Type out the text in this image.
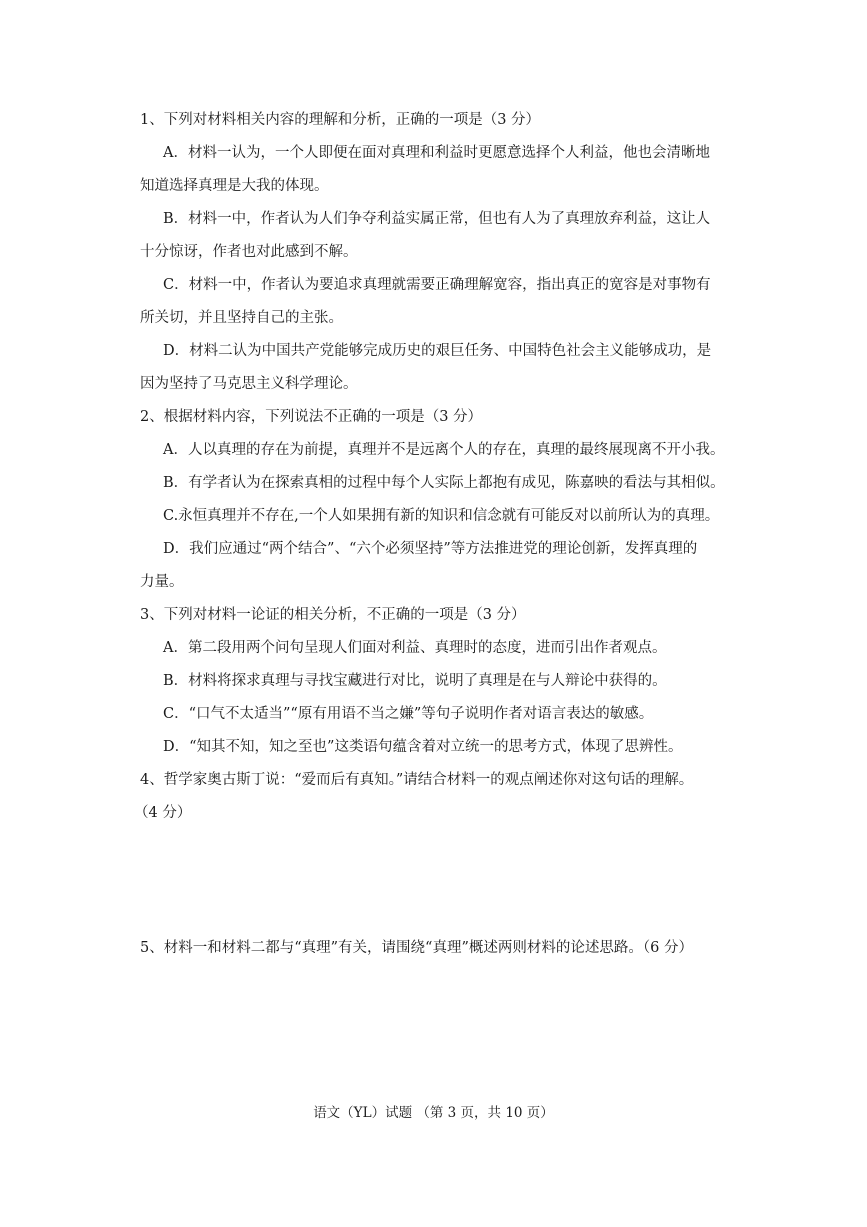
1、下列对材料相关内容的理解和分析，正确的一项是（3 分）
A．材料一认为，一个人即便在面对真理和利益时更愿意选择个人利益，他也会清晰地
知道选择真理是大我的体现。
B．材料一中，作者认为人们争夺利益实属正常，但也有人为了真理放弃利益，这让人
十分惊讶，作者也对此感到不解。
C．材料一中，作者认为要追求真理就需要正确理解宽容，指出真正的宽容是对事物有
所关切，并且坚持自己的主张。
D．材料二认为中国共产党能够完成历史的艰巨任务、中国特色社会主义能够成功，是
因为坚持了马克思主义科学理论。
2、根据材料内容，下列说法不正确的一项是（3 分）
A．人以真理的存在为前提，真理并不是远离个人的存在，真理的最终展现离不开小我。
B．有学者认为在探索真相的过程中每个人实际上都抱有成见，陈嘉映的看法与其相似。
C.永恒真理并不存在,一个人如果拥有新的知识和信念就有可能反对以前所认为的真理。
D．我们应通过“两个结合”、“六个必须坚持”等方法推进党的理论创新，发挥真理的
力量。
3、下列对材料一论证的相关分析，不正确的一项是（3 分）
A．第二段用两个问句呈现人们面对利益、真理时的态度，进而引出作者观点。
B．材料将探求真理与寻找宝藏进行对比，说明了真理是在与人辩论中获得的。
C．“口气不太适当”“原有用语不当之嫌”等句子说明作者对语言表达的敏感。
D．“知其不知，知之至也”这类语句蕴含着对立统一的思考方式，体现了思辨性。
4、哲学家奥古斯丁说：“爱而后有真知。”请结合材料一的观点阐述你对这句话的理解。
（4 分）
5、材料一和材料二都与“真理”有关，请围绕“真理”概述两则材料的论述思路。（6 分）
语文（YL）试题 （第 3 页，共 10 页）
